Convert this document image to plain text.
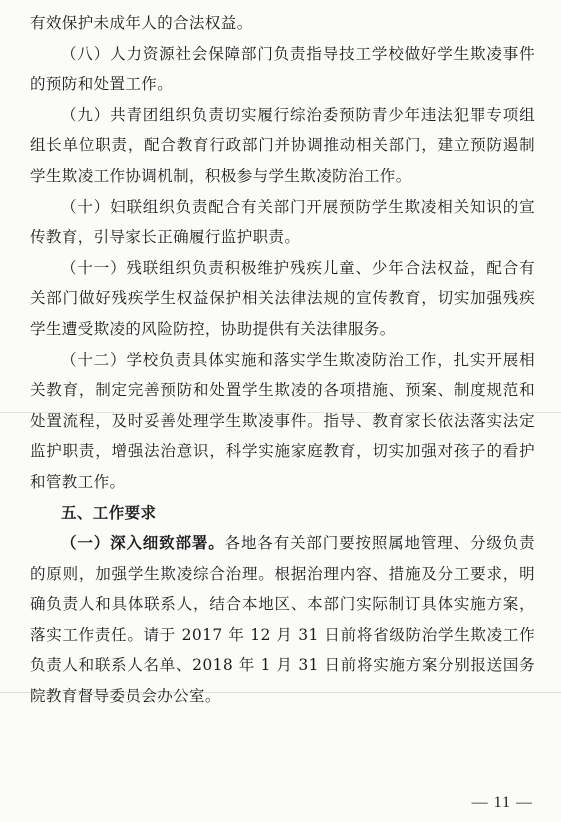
有效保护未成年人的合法权益。

（八）人力资源社会保障部门负责指导技工学校做好学生欺凌事件的预防和处置工作。

（九）共青团组织负责切实履行综治委预防青少年违法犯罪专项组组长单位职责，配合教育行政部门并协调推动相关部门，建立预防遏制学生欺凌工作协调机制，积极参与学生欺凌防治工作。

（十）妇联组织负责配合有关部门开展预防学生欺凌相关知识的宣传教育，引导家长正确履行监护职责。

（十一）残联组织负责积极维护残疾儿童、少年合法权益，配合有关部门做好残疾学生权益保护相关法律法规的宣传教育，切实加强残疾学生遭受欺凌的风险防控，协助提供有关法律服务。

（十二）学校负责具体实施和落实学生欺凌防治工作，扎实开展相关教育，制定完善预防和处置学生欺凌的各项措施、预案、制度规范和处置流程，及时妥善处理学生欺凌事件。指导、教育家长依法落实法定监护职责，增强法治意识，科学实施家庭教育，切实加强对孩子的看护和管教工作。

五、工作要求

（一）深入细致部署。各地各有关部门要按照属地管理、分级负责的原则，加强学生欺凌综合治理。根据治理内容、措施及分工要求，明确负责人和具体联系人，结合本地区、本部门实际制订具体实施方案，落实工作责任。请于 2017 年 12 月 31 日前将省级防治学生欺凌工作负责人和联系人名单、2018 年 1 月 31 日前将实施方案分别报送国务院教育督导委员会办公室。

— 11 —
